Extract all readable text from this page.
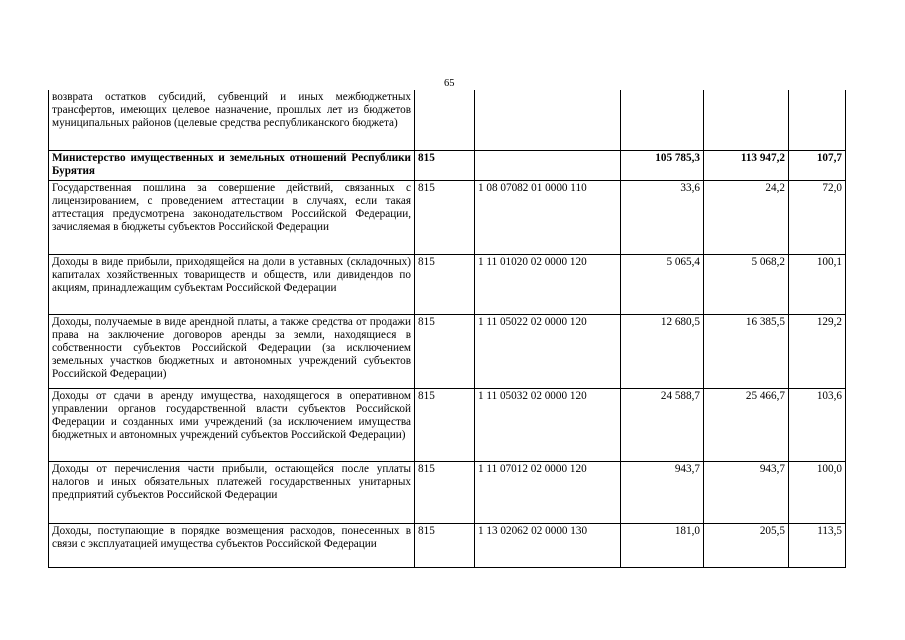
65
возврата остатков субсидий, субвенций и иных межбюджетных трансфертов, имеющих целевое назначение, прошлых лет из бюджетов муниципальных районов (целевые средства республиканского бюджета)					
Министерство имущественных и земельных отношений Республики Бурятия	815		105 785,3	113 947,2	107,7
Государственная пошлина за совершение действий, связанных с лицензированием, с проведением аттестации в случаях, если такая аттестация предусмотрена законодательством Российской Федерации, зачисляемая в бюджеты субъектов Российской Федерации	815	1 08 07082 01 0000 110	33,6	24,2	72,0
Доходы в виде прибыли, приходящейся на доли в уставных (складочных) капиталах хозяйственных товариществ и обществ, или дивидендов по акциям, принадлежащим субъектам Российской Федерации	815	1 11 01020 02 0000 120	5 065,4	5 068,2	100,1
Доходы, получаемые в виде арендной платы, а также средства от продажи права на заключение договоров аренды за земли, находящиеся в собственности субъектов Российской Федерации (за исключением земельных участков бюджетных и автономных учреждений субъектов Российской Федерации)	815	1 11 05022 02 0000 120	12 680,5	16 385,5	129,2
Доходы от сдачи в аренду имущества, находящегося в оперативном управлении органов государственной власти субъектов Российской Федерации и созданных ими учреждений (за исключением имущества бюджетных и автономных учреждений субъектов Российской Федерации)	815	1 11 05032 02 0000 120	24 588,7	25 466,7	103,6
Доходы от перечисления части прибыли, остающейся после уплаты налогов и иных обязательных платежей государственных унитарных предприятий субъектов Российской Федерации	815	1 11 07012 02 0000 120	943,7	943,7	100,0
Доходы, поступающие в порядке возмещения расходов, понесенных в связи с эксплуатацией имущества субъектов Российской Федерации	815	1 13 02062 02 0000 130	181,0	205,5	113,5
